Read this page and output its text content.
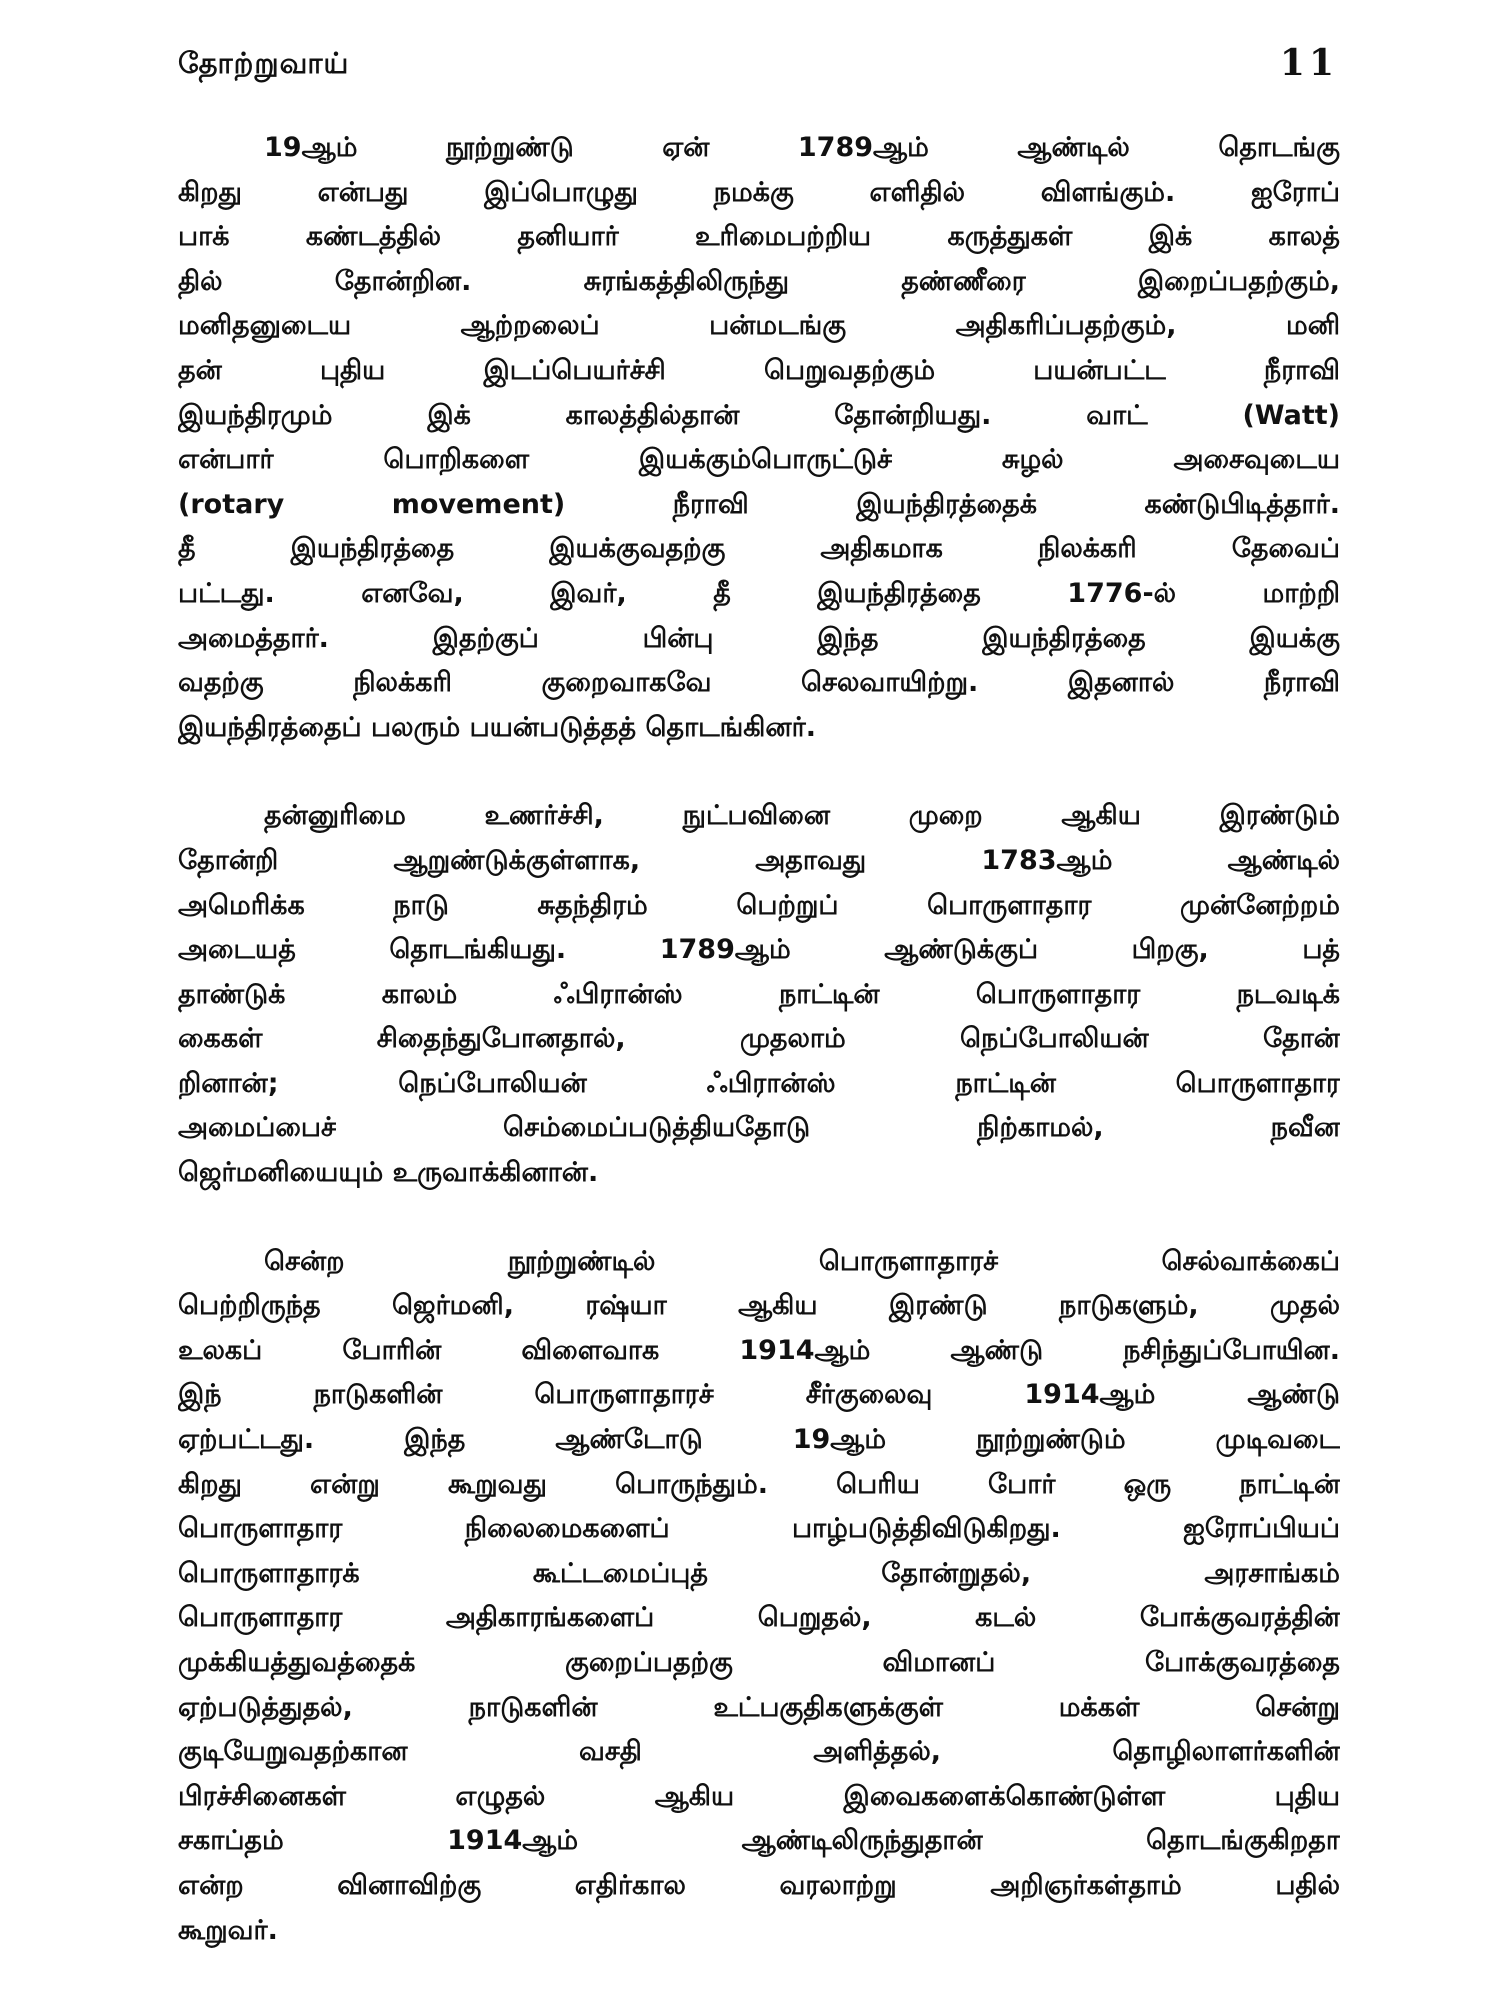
தோற்றுவாய்	11
19ஆம் நூற்றுண்டு ஏன் 1789ஆம் ஆண்டில் தொடங்கு
கிறது என்பது இப்பொழுது நமக்கு எளிதில் விளங்கும். ஐரோப்
பாக் கண்டத்தில் தனியார் உரிமைபற்றிய கருத்துகள் இக் காலத்
தில் தோன்றின. சுரங்கத்திலிருந்து தண்ணீரை இறைப்பதற்கும்,
மனிதனுடைய ஆற்றலைப் பன்மடங்கு அதிகரிப்பதற்கும், மனி
தன் புதிய இடப்பெயர்ச்சி பெறுவதற்கும் பயன்பட்ட நீராவி
இயந்திரமும் இக் காலத்தில்தான் தோன்றியது. வாட் (Watt)
என்பார் பொறிகளை இயக்கும்பொருட்டுச் சுழல் அசைவுடைய
(rotary movement) நீராவி இயந்திரத்தைக் கண்டுபிடித்தார்.
தீ இயந்திரத்தை இயக்குவதற்கு அதிகமாக நிலக்கரி தேவைப்
பட்டது. எனவே, இவர், தீ இயந்திரத்தை 1776-ல் மாற்றி
அமைத்தார். இதற்குப் பின்பு இந்த இயந்திரத்தை இயக்கு
வதற்கு நிலக்கரி குறைவாகவே செலவாயிற்று. இதனால் நீராவி
இயந்திரத்தைப் பலரும் பயன்படுத்தத் தொடங்கினர்.
தன்னுரிமை உணர்ச்சி, நுட்பவினை முறை ஆகிய இரண்டும்
தோன்றி ஆறுண்டுக்குள்ளாக, அதாவது 1783ஆம் ஆண்டில்
அமெரிக்க நாடு சுதந்திரம் பெற்றுப் பொருளாதார முன்னேற்றம்
அடையத் தொடங்கியது. 1789ஆம் ஆண்டுக்குப் பிறகு, பத்
தாண்டுக் காலம் ஃபிரான்ஸ் நாட்டின் பொருளாதார நடவடிக்
கைகள் சிதைந்துபோனதால், முதலாம் நெப்போலியன் தோன்
றினான்; நெப்போலியன் ஃபிரான்ஸ் நாட்டின் பொருளாதார
அமைப்பைச் செம்மைப்படுத்தியதோடு நிற்காமல், நவீன
ஜெர்மனியையும் உருவாக்கினான்.
சென்ற நூற்றுண்டில் பொருளாதாரச் செல்வாக்கைப்
பெற்றிருந்த ஜெர்மனி, ரஷ்யா ஆகிய இரண்டு நாடுகளும், முதல்
உலகப் போரின் விளைவாக 1914ஆம் ஆண்டு நசிந்துப்போயின.
இந் நாடுகளின் பொருளாதாரச் சீர்குலைவு 1914ஆம் ஆண்டு
ஏற்பட்டது. இந்த ஆண்டோடு 19ஆம் நூற்றுண்டும் முடிவடை
கிறது என்று கூறுவது பொருந்தும். பெரிய போர் ஒரு நாட்டின்
பொருளாதார நிலைமைகளைப் பாழ்படுத்திவிடுகிறது. ஐரோப்பியப்
பொருளாதாரக் கூட்டமைப்புத் தோன்றுதல், அரசாங்கம்
பொருளாதார அதிகாரங்களைப் பெறுதல், கடல் போக்குவரத்தின்
முக்கியத்துவத்தைக் குறைப்பதற்கு விமானப் போக்குவரத்தை
ஏற்படுத்துதல், நாடுகளின் உட்பகுதிகளுக்குள் மக்கள் சென்று
குடியேறுவதற்கான வசதி அளித்தல், தொழிலாளர்களின்
பிரச்சினைகள் எழுதல் ஆகிய இவைகளைக்கொண்டுள்ள புதிய
சகாப்தம் 1914ஆம் ஆண்டிலிருந்துதான் தொடங்குகிறதா
என்ற வினாவிற்கு எதிர்கால வரலாற்று அறிஞர்கள்தாம் பதில்
கூறுவர்.
